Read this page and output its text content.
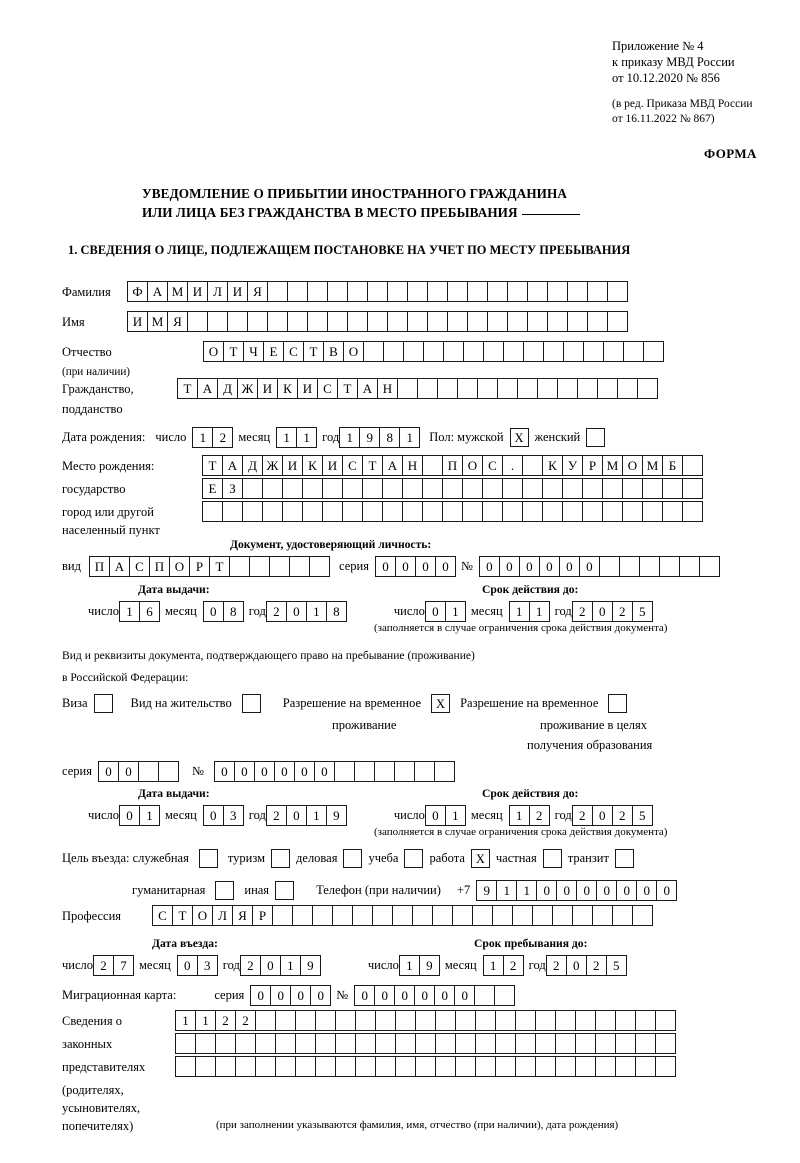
Приложение № 4
к приказу МВД России
от 10.12.2020 № 856
(в ред. Приказа МВД России
от 16.11.2022 № 867)
ФОРМА
УВЕДОМЛЕНИЕ О ПРИБЫТИИ ИНОСТРАННОГО ГРАЖДАНИНА
ИЛИ ЛИЦА БЕЗ ГРАЖДАНСТВА В МЕСТО ПРЕБЫВАНИЯ
1. СВЕДЕНИЯ О ЛИЦЕ, ПОДЛЕЖАЩЕМ ПОСТАНОВКЕ НА УЧЕТ ПО МЕСТУ ПРЕБЫВАНИЯ
Фамилия	Ф А М И Л И Я
Имя	И М Я
Отчество	О Т Ч Е С Т В О
(при наличии)
Гражданство,	Т А Д Ж И К И С Т А Н
подданство
Дата рождения: число	1	2 месяц	1	1 год 1	9	8	1	Пол: мужской X женский
Место рождения:	Т А Д Ж И К И С Т А Н	П О С	.	К У Р М О М Б
государство	Е З
город или другой
населенный пункт
Документ, удостоверяющий личность:
вид	П А С П О Р Т	серия	0	0	0	0 №	0	0	0	0	0	0
Дата выдачи:	Срок действия до:
число 1	6 месяц	0	8 год 2	0	1	8	число 0	1 месяц	1	1 год 2	0	2	5
(заполняется в случае ограничения срока действия документа)
Вид и реквизиты документа, подтверждающего право на пребывание (проживание)
в Российской Федерации:
Виза	Вид на жительство	Разрешение на временное	X	Разрешение на временное
проживание	проживание в целях
получения образования
серия	0	0	№	0	0	0	0	0	0
Дата выдачи:	Срок действия до:
число 0	1 месяц	0	3 год 2	0	1	9	число 0	1 месяц	1	2 год 2	0	2	5
(заполняется в случае ограничения срока действия документа)
Цель въезда: служебная	туризм деловая учеба работа X частная транзит
гуманитарная	иная	Телефон (при наличии) +7	9	1	1	0	0	0	0	0	0	0
Профессия	С Т О Л Я Р
Дата въезда:	Срок пребывания до:
число 2	7 месяц	0	3 год 2	0	1	9	число 1	9 месяц	1	2 год 2	0	2	5
Миграционная карта:	серия	0	0	0	0 №	0	0	0	0	0	0
Сведения о	1	1	2	2
законных
представителях
(родителях,
усыновителях,
попечителях)	(при заполнении указываются фамилия, имя, отчество (при наличии), дата рождения)
